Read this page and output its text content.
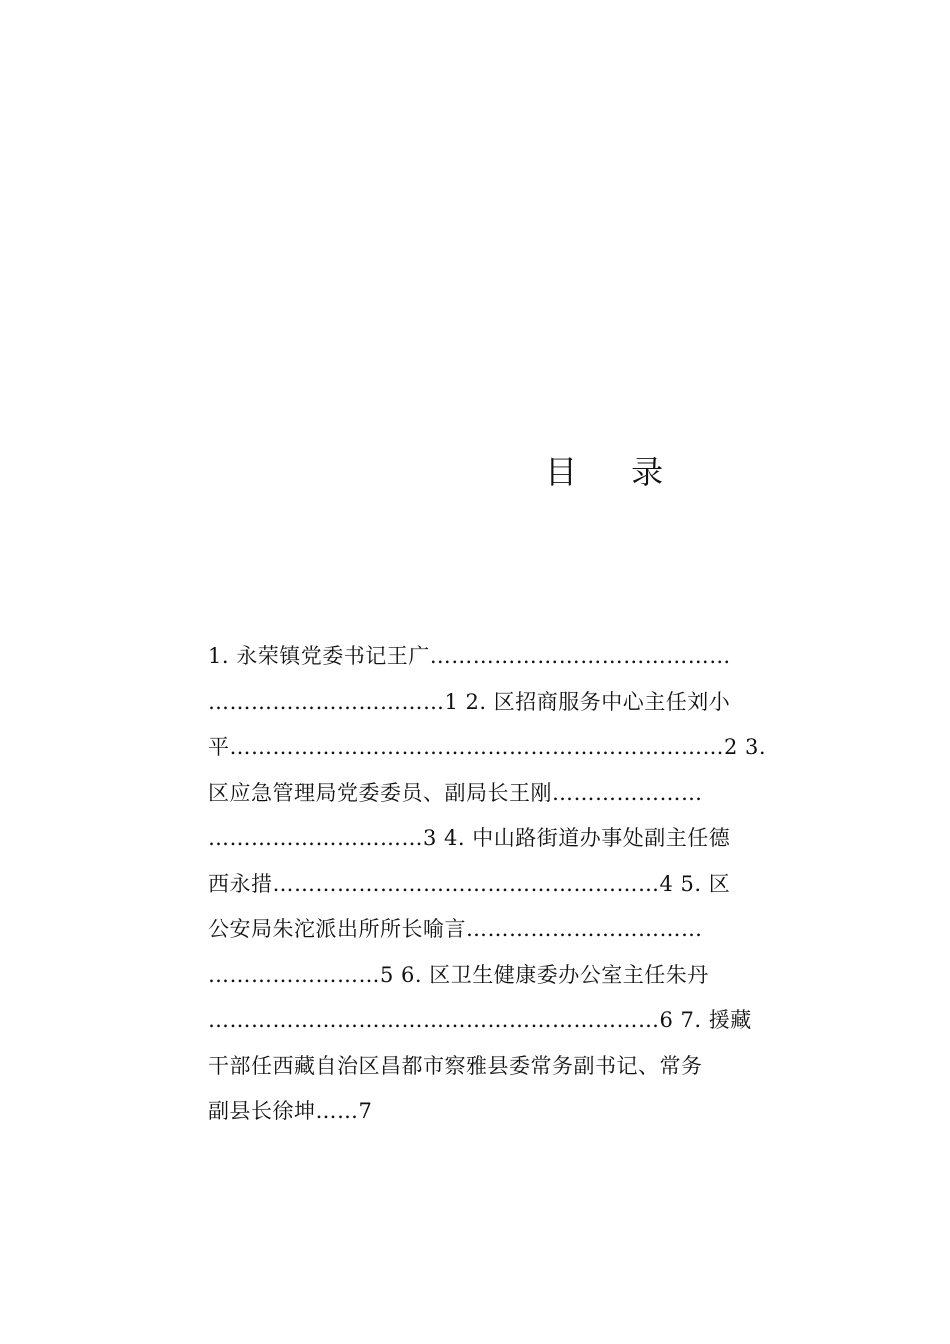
目 录
1. 永荣镇党委书记王广……………………………………
……………………………1 2. 区招商服务中心主任刘小
平……………………………………………………………2 3.
区应急管理局党委委员、副局长王刚…………………
…………………………3 4. 中山路街道办事处副主任德
西永措………………………………………………4 5. 区
公安局朱沱派出所所长喻言……………………………
……………………5 6. 区卫生健康委办公室主任朱丹
………………………………………………………6 7. 援藏
干部任西藏自治区昌都市察雅县委常务副书记、常务
副县长徐坤……7
